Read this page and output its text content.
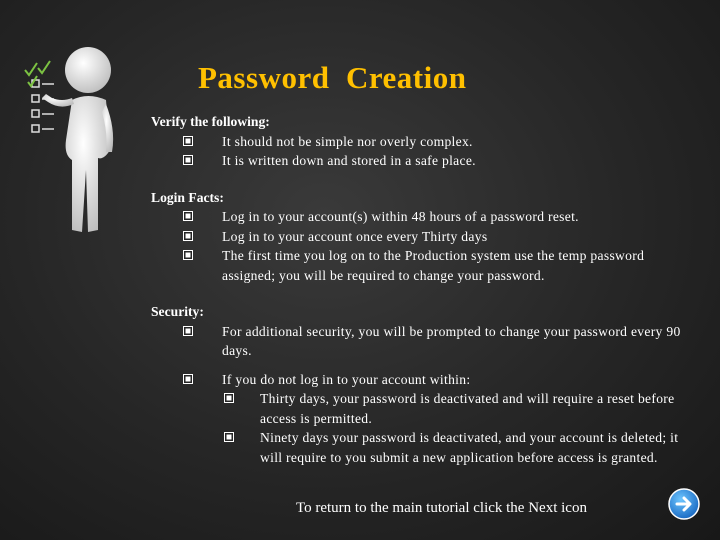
Password  Creation
Verify the following:
It should not be simple nor overly complex.
It is written down and stored in a safe place.
Login Facts:
Log in to your account(s) within 48 hours of a password reset.
Log in to your account once every Thirty days
The first time you log on to the Production system use the temp password assigned; you will be required to change your password.
Security:
For additional security, you will be prompted to change your password every 90 days.
If you do not log in to your account within:
Thirty days, your password is deactivated and will require a reset before access is permitted.
Ninety days your password is deactivated, and your account is deleted; it will require to you submit a new application before access is granted.
To return to the main tutorial click the Next icon
